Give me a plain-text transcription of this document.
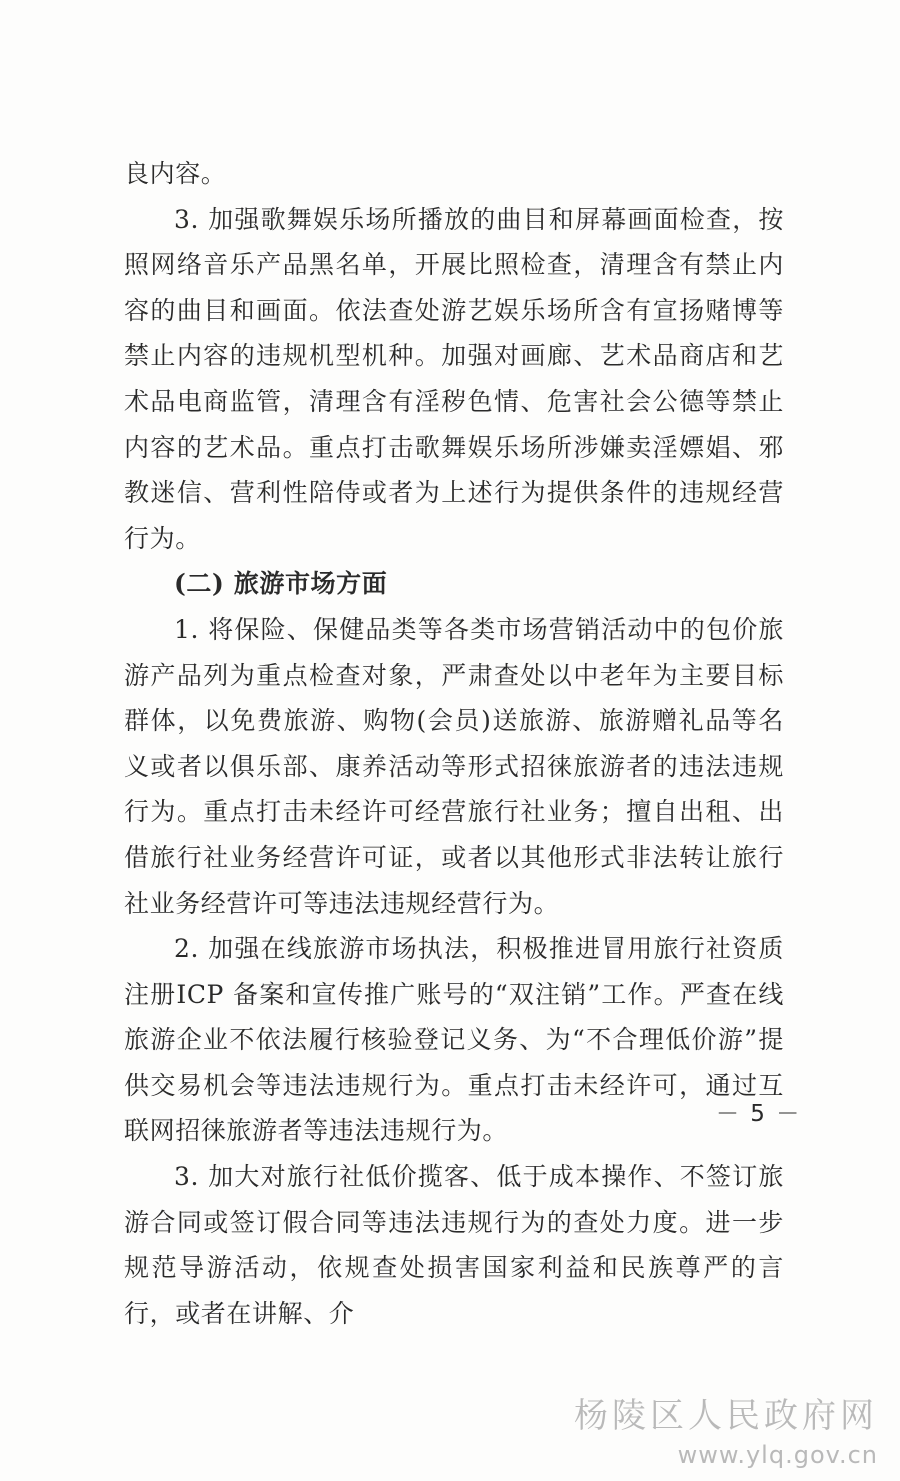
良内容。

3. 加强歌舞娱乐场所播放的曲目和屏幕画面检查，按照网络音乐产品黑名单，开展比照检查，清理含有禁止内容的曲目和画面。依法查处游艺娱乐场所含有宣扬赌博等禁止内容的违规机型机种。加强对画廊、艺术品商店和艺术品电商监管，清理含有淫秽色情、危害社会公德等禁止内容的艺术品。重点打击歌舞娱乐场所涉嫌卖淫嫖娼、邪教迷信、营利性陪侍或者为上述行为提供条件的违规经营行为。

(二) 旅游市场方面

1. 将保险、保健品类等各类市场营销活动中的包价旅游产品列为重点检查对象，严肃查处以中老年为主要目标群体，以免费旅游、购物(会员)送旅游、旅游赠礼品等名义或者以俱乐部、康养活动等形式招徕旅游者的违法违规行为。重点打击未经许可经营旅行社业务；擅自出租、出借旅行社业务经营许可证，或者以其他形式非法转让旅行社业务经营许可等违法违规经营行为。

2. 加强在线旅游市场执法，积极推进冒用旅行社资质注册ICP 备案和宣传推广账号的“双注销”工作。严查在线旅游企业不依法履行核验登记义务、为“不合理低价游”提供交易机会等违法违规行为。重点打击未经许可，通过互联网招徕旅游者等违法违规行为。

3. 加大对旅行社低价揽客、低于成本操作、不签订旅游合同或签订假合同等违法违规行为的查处力度。进一步规范导游活动，依规查处损害国家利益和民族尊严的言行，或者在讲解、介

－ 5 －
杨陵区人民政府网
www.ylq.gov.cn
